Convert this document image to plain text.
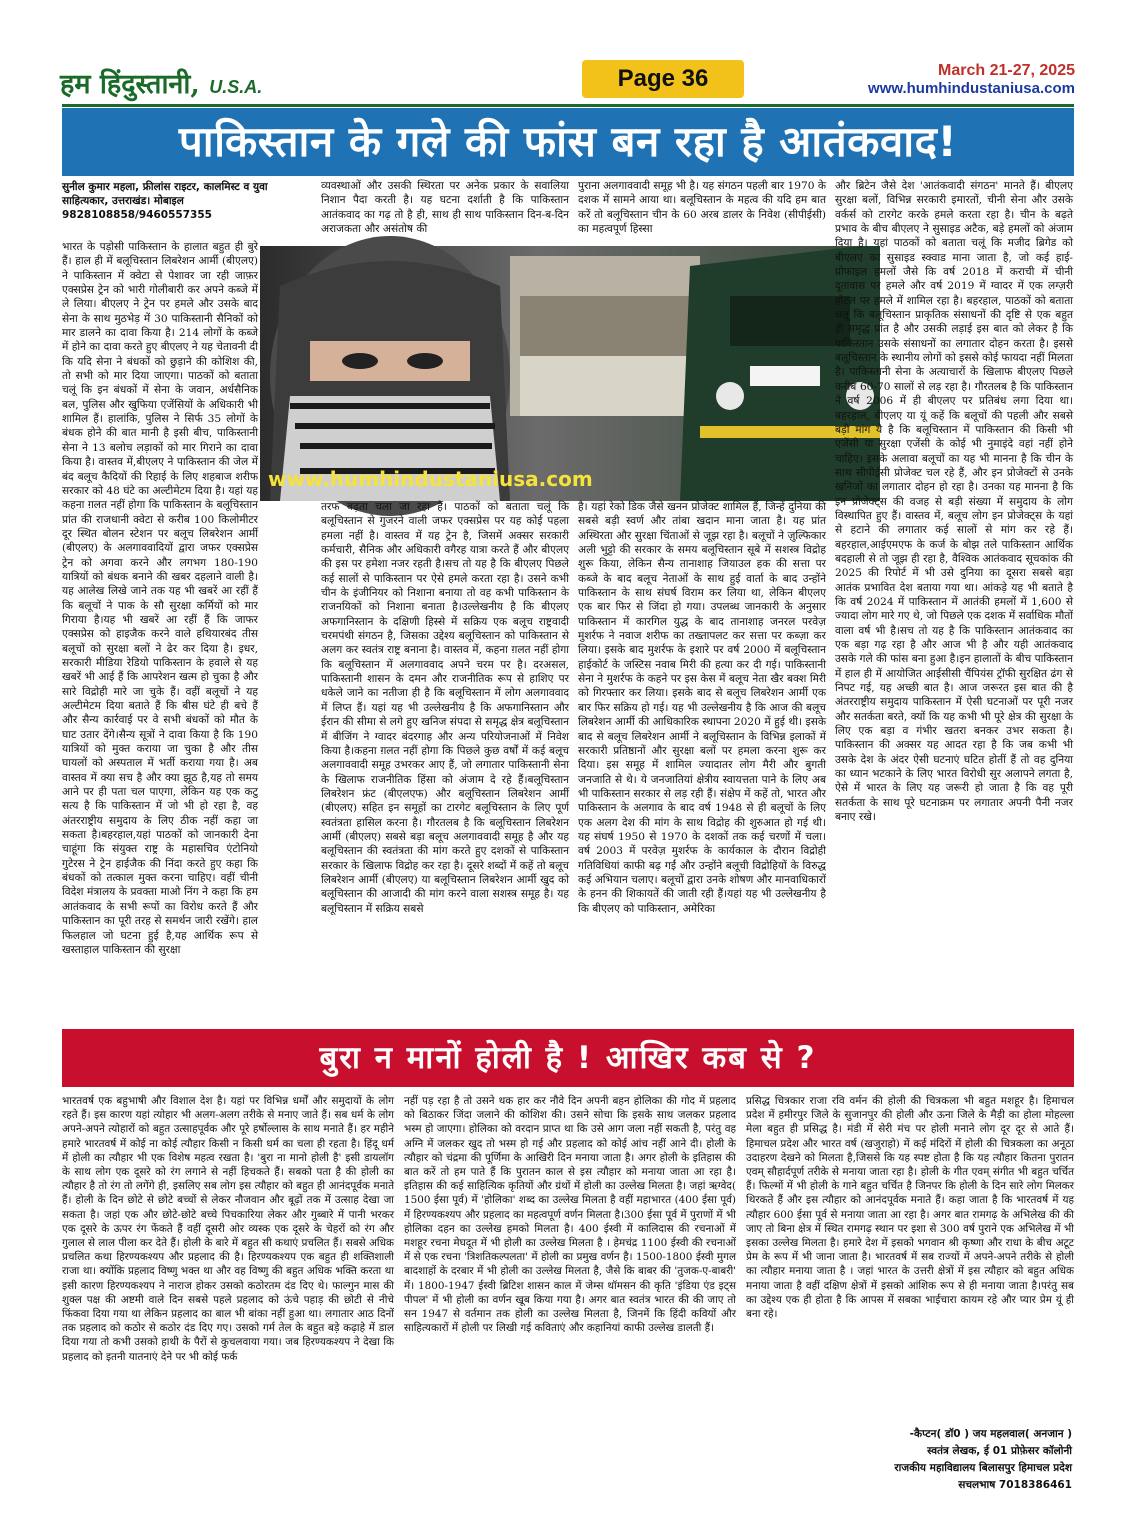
हम हिंदुस्तानी, U.S.A.	Page 36	March 21-27, 2025
www.humhindustaniusa.com
पाकिस्तान के गले की फांस बन रहा है आतंकवाद!
सुनील कुमार महला, फ्रीलांस राइटर, कालमिस्ट व युवा साहित्यकार, उत्तराखंड। मोबाइल 9828108858/9460557355

व्यवस्थाओं और उसकी स्थिरता पर अनेक प्रकार के सवालिया निशान पैदा करती है। यह घटना दर्शाती है कि पाकिस्तान आतंकवाद का गढ़ तो है ही, साथ ही साथ पाकिस्तान दिन-ब-दिन अराजकता और असंतोष की

पुराना अलगाववादी समूह भी है। यह संगठन पहली बार 1970 के दशक में सामने आया था। बलूचिस्तान के महत्व की यदि हम बात करें तो बलूचिस्तान चीन के 60 अरब डालर के निवेश (सीपीईसी) का महत्वपूर्ण हिस्सा

भारत के पड़ोसी पाकिस्तान के हालात बहुत ही बुरे हैं। हाल ही में बलूचिस्तान लिबरेशन आर्मी (बीएलए) ने पाकिस्तान में क्वेटा से पेशावर जा रही जाफ़र एक्सप्रेस ट्रेन को भारी गोलीबारी कर अपने कब्जे में ले लिया। बीएलए ने ट्रेन पर हमले और उसके बाद सेना के साथ मुठभेड़ में 30 पाकिस्तानी सैनिकों को मार डालने का दावा किया है। 214 लोगों के कब्जे में होने का दावा करते हुए बीएलए ने यह चेतावनी दी कि यदि सेना ने बंधकों को छुड़ाने की कोशिश की, तो सभी को मार दिया जाएगा। पाठकों को बताता चलूं कि इन बंधकों में सेना के जवान, अर्धसैनिक बल, पुलिस और खुफिया एजेंसियों के अधिकारी भी शामिल हैं। हालांकि, पुलिस ने सिर्फ 35 लोगों के बंधक होने की बात मानी है इसी बीच, पाकिस्तानी सेना ने 13 बलोच लड़ाकों को मार गिराने का दावा किया है। वास्तव में,बीएलए ने पाकिस्तान की जेल में बंद बलूच कैदियों की रिहाई के लिए शहबाज शरीफ सरकार को 48 घंटे का अल्टीमेटम दिया है। यहां यह कहना ग़लत नहीं होगा कि पाकिस्तान के बलूचिस्तान प्रांत की राजधानी क्वेटा से करीब 100 किलोमीटर दूर स्थित बोलन स्टेशन पर बलूच लिबरेशन आर्मी (बीएलए) के अलगाववादियों द्वारा जफर एक्सप्रेस ट्रेन को अगवा करने और लगभग 180-190 यात्रियों को बंधक बनाने की खबर दहलाने वाली है।यह आलेख लिखे जाने तक यह भी खबरें आ रहीं हैं कि बलूचों ने पाक के सौ सुरक्षा कर्मियों को मार गिराया है।यह भी खबरें आ रहीं हैं कि जाफर एक्सप्रेस को हाइजैक करने वाले हथियारबंद तीस बलूचों को सुरक्षा बलों ने ढेर कर दिया है। इधर, सरकारी मीडिया रेडियो पाकिस्तान के हवाले से यह खबरें भी आई हैं कि आपरेशन खत्म हो चुका है और सारे विद्रोही मारे जा चुके हैं। वहीं बलूचों ने यह अल्टीमेटम दिया बताते हैं कि बीस घंटे ही बचे हैं और सैन्य कार्रवाई पर वे सभी बंधकों को मौत के घाट उतार देंगे।सैन्य सूत्रों ने दावा किया है कि 190 यात्रियों को मुक्त कराया जा चुका है और तीस घायलों को अस्पताल में भर्ती कराया गया है। अब वास्तव में क्या सच है और क्या झूठ है,यह तो समय आने पर ही पता चल पाएगा, लेकिन यह एक कटु सत्य है कि पाकिस्तान में जो भी हो रहा है, वह अंतरराष्ट्रीय समुदाय के लिए ठीक नहीं कहा जा सकता है।बहरहाल,यहां पाठकों को जानकारी देना चाहूंगा कि संयुक्त राष्ट्र के महासचिव एंटोनियो गुटेरस ने ट्रेन हाईजैक की निंदा करते हुए कहा कि बंधकों को तत्काल मुक्त करना चाहिए। वहीं चीनी विदेश मंत्रालय के प्रवक्ता माओ निंग ने कहा कि हम आतंकवाद के सभी रूपों का विरोध करते हैं और पाकिस्तान का पूरी तरह से समर्थन जारी रखेंगे। हाल फिलहाल जो घटना हुई है,यह आर्थिक रूप से खस्ताहाल पाकिस्तान की सुरक्षा

www.humhindustaniusa.com

और ब्रिटेन जैसे देश 'आतंकवादी संगठन' मानते हैं। बीएलए सुरक्षा बलों, विभिन्न सरकारी इमारतों, चीनी सेना और उसके वर्कर्स को टारगेट करके हमले करता रहा है। चीन के बढ़ते प्रभाव के बीच बीएलए ने सुसाइड अटैक, बड़े हमलों को अंजाम दिया है। यहां पाठकों को बताता चलूं कि मजीद ब्रिगेड को बीएलए का सुसाइड स्क्वाड माना जाता है, जो कई हाई-प्रोफाइल हमलों जैसे कि वर्ष 2018 में कराची में चीनी दूतावास पर हमले और वर्ष 2019 में ग्वादर में एक लग्ज़री होटल पर हमले में शामिल रहा है। बहरहाल, पाठकों को बताता चलूं कि बलूचिस्तान प्राकृतिक संसाधनों की दृष्टि से एक बहुत ही समृद्ध प्रांत है और उसकी लड़ाई इस बात को लेकर है कि पाकिस्तान उसके संसाधनों का लगातार दोहन करता है। इससे बलूचिस्तान के स्थानीय लोगों को इससे कोई फायदा नहीं मिलता है। पाकिस्तानी सेना के अत्याचारों के खिलाफ बीएलए पिछले करीब 60-70 सालों से लड़ रहा है। गौरतलब है कि पाकिस्तान ने वर्ष 2006 में ही बीएलए पर प्रतिबंध लगा दिया था। बहरहाल, बीएलए या यूं कहें कि बलूचों की पहली और सबसे बड़ी मांग ये है कि बलूचिस्तान में पाकिस्तान की किसी भी एजेंसी या सुरक्षा एजेंसी के कोई भी नुमाइंदे वहां नहीं होने चाहिए। इसके अलावा बलूचों का यह भी मानना है कि चीन के साथ सीपीईसी प्रोजेक्ट चल रहे हैं, और इन प्रोजेक्टों से उनके खनिजों का लगातार दोहन हो रहा है। उनका यह मानना है कि इन प्रोजेक्ट्स की वजह से बड़ी संख्या में समुदाय के लोग विस्थापित हुए हैं। वास्तव में, बलूच लोग इन प्रोजेक्ट्स के यहां से हटाने की लगातार कई सालों से मांग कर रहे हैं। बहरहाल,आईएमएफ के कर्ज के बोझ तले पाकिस्तान आर्थिक बदहाली से तो जूझ ही रहा है, वैश्विक आतंकवाद सूचकांक की 2025 की रिपोर्ट में भी उसे दुनिया का दूसरा सबसे बड़ा आतंक प्रभावित देश बताया गया था। आंकड़े यह भी बताते है कि वर्ष 2024 में पाकिस्तान में आतंकी हमलों में 1,600 से ज्यादा लोग मारे गए थे, जो पिछले एक दशक में सर्वाधिक मौतों वाला वर्ष भी है।सच तो यह है कि पाकिस्तान आतंकवाद का एक बड़ा गढ़ रहा है और आज भी है और यही आतंकवाद उसके गले की फांस बना हुआ है।इन हालातों के बीच पाकिस्तान में हाल ही में आयोजित आईसीसी चैंपियंस ट्रॉफी सुरक्षित ढंग से निपट गई, यह अच्छी बात है। आज जरूरत इस बात की है अंतरराष्ट्रीय समुदाय पाकिस्तान में ऐसी घटनाओं पर पूरी नजर और सतर्कता बरते, क्यों कि यह कभी भी पूरे क्षेत्र की सुरक्षा के लिए एक बड़ा व गंभीर खतरा बनकर उभर सकता है। पाकिस्तान की अक्सर यह आदत रहा है कि जब कभी भी उसके देश के अंदर ऐसी घटनाएं घटित होतीं हैं तो वह दुनिया का ध्यान भटकाने के लिए भारत विरोधी सुर अलापने लगता है, ऐसे में भारत के लिए यह जरूरी हो जाता है कि वह पूरी सतर्कता के साथ पूरे घटनाक्रम पर लगातार अपनी पैनी नजर बनाए रखे।

तरफ बढ़ता चला जा रहा है। पाठकों को बताता चलूं कि बलूचिस्तान से गुजरने वाली जफर एक्सप्रेस पर यह कोई पहला हमला नहीं है। वास्तव में यह ट्रेन है, जिसमें अक्सर सरकारी कर्मचारी, सैनिक और अधिकारी वगैरह यात्रा करते हैं और बीएलए की इस पर हमेशा नजर रहती है।सच तो यह है कि बीएलए पिछले कई सालों से पाकिस्तान पर ऐसे हमले करता रहा है। उसने कभी चीन के इंजीनियर को निशाना बनाया तो वह कभी पाकिस्तान के राजनयिकों को निशाना बनाता है।उल्लेखनीय है कि बीएलए अफगानिस्तान के दक्षिणी हिस्से में सक्रिय एक बलूच राष्ट्रवादी चरमपंथी संगठन है, जिसका उद्देश्य बलूचिस्तान को पाकिस्तान से अलग कर स्वतंत्र राष्ट्र बनाना है। वास्तव में, कहना ग़लत नहीं होगा कि बलूचिस्तान में अलगाववाद अपने चरम पर है। दरअसल, पाकिस्तानी शासन के दमन और राजनीतिक रूप से हाशिए पर धकेले जाने का नतीजा ही है कि बलूचिस्तान में लोग अलगाववाद में लिप्त हैं। यहां यह भी उल्लेखनीय है कि अफगानिस्तान और ईरान की सीमा से लगे हुए खनिज संपदा से समृद्ध क्षेत्र बलूचिस्तान में बीजिंग ने ग्वादर बंदरगाह और अन्य परियोजनाओं में निवेश किया है।कहना ग़लत नहीं होगा कि पिछले कुछ वर्षों में कई बलूच अलगाववादी समूह उभरकर आए हैं, जो लगातार पाकिस्तानी सेना के खिलाफ राजनीतिक हिंसा को अंजाम दे रहे हैं।बलूचिस्तान लिबरेशन फ्रंट (बीएलएफ) और बलूचिस्तान लिबरेशन आर्मी (बीएलए) सहित इन समूहों का टारगेट बलूचिस्तान के लिए पूर्ण स्वतंत्रता हासिल करना है। गौरतलब है कि बलूचिस्तान लिबरेशन आर्मी (बीएलए) सबसे बड़ा बलूच अलगाववादी समूह है और यह बलूचिस्तान की स्वतंत्रता की मांग करते हुए दशकों से पाकिस्तान सरकार के खिलाफ विद्रोह कर रहा है। दूसरे शब्दों में कहें तो बलूच लिबरेशन आर्मी (बीएलए) या बलूचिस्तान लिबरेशन आर्मी खुद को बलूचिस्तान की आजादी की मांग करने वाला सशस्त्र समूह है। यह बलूचिस्तान में सक्रिय सबसे

है। यहां रेको डिक जैसे खनन प्रोजेक्ट शामिल हैं, जिन्हें दुनिया की सबसे बड़ी स्वर्ण और तांबा खदान माना जाता है। यह प्रांत अस्थिरता और सुरक्षा चिंताओं से जूझ रहा है। बलूचों ने ज़ुल्फिकार अली भुट्टो की सरकार के समय बलूचिस्तान सूबे में सशस्त्र विद्रोह शुरू किया, लेकिन सैन्य तानाशाह जियाउल हक की सत्ता पर कब्जे के बाद बलूच नेताओं के साथ हुई वार्ता के बाद उन्होंने पाकिस्तान के साथ संघर्ष विराम कर लिया था, लेकिन बीएलए एक बार फिर से जिंदा हो गया। उपलब्ध जानकारी के अनुसार पाकिस्तान में कारगिल युद्ध के बाद तानाशाह जनरल परवेज़ मुशर्रफ ने नवाज शरीफ का तख्तापलट कर सत्ता पर कब्ज़ा कर लिया। इसके बाद मुशर्रफ के इशारे पर वर्ष 2000 में बलूचिस्तान हाईकोर्ट के जस्टिस नवाब मिरी की हत्या कर दी गई। पाकिस्तानी सेना ने मुशर्रफ के कहने पर इस केस में बलूच नेता खैर बक्श मिरी को गिरफ्तार कर लिया। इसके बाद से बलूच लिबरेशन आर्मी एक बार फिर सक्रिय हो गई। यह भी उल्लेखनीय है कि आज की बलूच लिबरेशन आर्मी की आधिकारिक स्थापना 2020 में हुई थी। इसके बाद से बलूच लिबरेशन आर्मी ने बलूचिस्तान के विभिन्न इलाकों में सरकारी प्रतिष्ठानों और सुरक्षा बलों पर हमला करना शुरू कर दिया। इस समूह में शामिल ज्यादातर लोग मैरी और बुगती जनजाति से थे। ये जनजातियां क्षेत्रीय स्वायत्तता पाने के लिए अब भी पाकिस्तान सरकार से लड़ रही हैं। संक्षेप में कहें तो, भारत और पाकिस्तान के अलगाव के बाद वर्ष 1948 से ही बलूचों के लिए एक अलग देश की मांग के साथ विद्रोह की शुरुआत हो गई थी। यह संघर्ष 1950 से 1970 के दशकों तक कई चरणों में चला। वर्ष 2003 में परवेज़ मुशर्रफ के कार्यकाल के दौरान विद्रोही गतिविधियां काफी बढ़ गईं और उन्होंने बलूची विद्रोहियों के विरुद्ध कई अभियान चलाए। बलूचों द्वारा उनके शोषण और मानवाधिकारों के हनन की शिकायतें की जाती रही हैं।यहां यह भी उल्लेखनीय है कि बीएलए को पाकिस्तान, अमेरिका

बुरा न मानों होली है ! आखिर कब से ?

भारतवर्ष एक बहुभाषी और विशाल देश है। यहां पर विभिन्न धर्मों और समुदायों के लोग रहते हैं। इस कारण यहां त्योहार भी अलग-अलग तरीके से मनाए जाते हैं। सब धर्म के लोग अपने-अपने त्योहारों को बहुत उत्साहपूर्वक और पूरे हर्षोल्लास के साथ मनाते हैं। हर महीने हमारे भारतवर्ष में कोई ना कोई त्यौहार किसी न किसी धर्म का चला ही रहता है। हिंदू धर्म में होली का त्यौहार भी एक विशेष महत्व रखता है। 'बुरा ना मानो होली है' इसी डायलॉग के साथ लोग एक दूसरे को रंग लगाने से नहीं हिचकते हैं। सबको पता है की होली का त्यौहार है तो रंग तो लगेंगे ही, इसलिए सब लोग इस त्यौहार को बहुत ही आनंदपूर्वक मनाते हैं। होली के दिन छोटे से छोटे बच्चों से लेकर नौजवान और बूढ़ों तक में उत्साह देखा जा सकता है। जहां एक और छोटे-छोटे बच्चे पिचकारिया लेकर और गुब्बारे में पानी भरकर एक दूसरे के ऊपर रंग फेंकते हैं वहीं दूसरी ओर व्यस्क एक दूसरे के चेहरों को रंग और गुलाल से लाल पीला कर देते हैं। होली के बारे में बहुत सी कथाएं प्रचलित हैं। सबसे अधिक प्रचलित कथा हिरण्यकश्यप और प्रहलाद की है। हिरण्यकश्यप एक बहुत ही शक्तिशाली राजा था। क्योंकि प्रहलाद विष्णु भक्त था और वह विष्णु की बहुत अधिक भक्ति करता था इसी कारण हिरण्यकश्यप ने नाराज होकर उसको कठोरतम दंड दिए थे। फाल्गुन मास की शुक्ल पक्ष की अष्टमी वाले दिन सबसे पहले प्रहलाद को ऊंचे पहाड़ की छोटी से नीचे फिंकवा दिया गया था लेकिन प्रहलाद का बाल भी बांका नहीं हुआ था। लगातार आठ दिनों तक प्रहलाद को कठोर से कठोर दंड दिए गए। उसको गर्म तेल के बहुत बड़े कढ़ाहे में डाल दिया गया तो कभी उसको हाथी के पैरों से कुचलवाया गया। जब हिरण्यकश्यप ने देखा कि प्रहलाद को इतनी यातनाएं देने पर भी कोई फर्क

नहीं पड़ रहा है तो उसने थक हार कर नौवे दिन अपनी बहन होलिका की गोद में प्रहलाद को बिठाकर जिंदा जलाने की कोशिश की। उसने सोचा कि इसके साथ जलकर प्रहलाद भस्म हो जाएगा। होलिका को वरदान प्राप्त था कि उसे आग जला नहीं सकती है, परंतु वह अग्नि में जलकर खुद तो भस्म हो गई और प्रहलाद को कोई आंच नहीं आने दी। होली के त्यौहार को चंद्रमा की पूर्णिमा के आखिरी दिन मनाया जाता है। अगर होली के इतिहास की बात करें तो हम पाते हैं कि पुरातन काल से इस त्यौहार को मनाया जाता आ रहा है। इतिहास की कई साहित्यिक कृतियों और ग्रंथों में होली का उल्लेख मिलता है। जहां ऋग्वेद( 1500 ईसा पूर्व) में 'होलिका' शब्द का उल्लेख मिलता है वहीं महाभारत (400 ईसा पूर्व) में हिरण्यकश्यप और प्रहलाद का महत्वपूर्ण वर्णन मिलता है।300 ईसा पूर्व में पुराणों में भी होलिका दहन का उल्लेख हमको मिलता है। 400 ईस्वी में कालिदास की रचनाओं में मशहूर रचना मेघदूत में भी होली का उल्लेख मिलता है । हेमचंद्र 1100 ईस्वी की रचनाओं में से एक रचना 'त्रिशतिकल्पलता' में होली का प्रमुख वर्णन है। 1500-1800 ईस्वी मुगल बादशाहों के दरबार में भी होली का उल्लेख मिलता है, जैसे कि बाबर की 'तुजक-ए-बाबरी' में। 1800-1947 ईस्वी ब्रिटिश शासन काल में जेम्स थॉमसन की कृति 'इंडिया एंड इट्स पीपल' में भी होली का वर्णन खूब किया गया है। अगर बात स्वतंत्र भारत की की जाए तो सन 1947 से वर्तमान तक होली का उल्लेख मिलता है, जिनमें कि हिंदी कवियों और साहित्यकारों में होली पर लिखी गई कविताएं और कहानियां काफी उल्लेख डालती हैं।

प्रसिद्ध चित्रकार राजा रवि वर्मन की होली की चित्रकला भी बहुत मशहूर है। हिमाचल प्रदेश में हमीरपुर जिले के सुजानपुर की होली और ऊना जिले के मैड़ी का होला मोहल्ला मेला बहुत ही प्रसिद्ध है। मंडी में सेरी मंच पर होली मनाने लोग दूर दूर से आते हैं। हिमाचल प्रदेश और भारत वर्ष (खजुराहो) में कई मंदिरों में होली की चित्रकला का अनूठा उदाहरण देखने को मिलता है,जिससे कि यह स्पष्ट होता है कि यह त्यौहार कितना पुरातन एवम् सौहार्दपूर्ण तरीके से मनाया जाता रहा है। होली के गीत एवम् संगीत भी बहुत चर्चित हैं। फिल्मों में भी होली के गाने बहुत चर्चित है जिनपर कि होली के दिन सारे लोग मिलकर थिरकते हैं और इस त्यौहार को आनंदपूर्वक मनाते हैं। कहा जाता है कि भारतवर्ष में यह त्यौहार 600 ईसा पूर्व से मनाया जाता आ रहा है। अगर बात रामगढ़ के अभिलेख की की जाए तो बिना क्षेत्र में स्थित रामगढ़ स्थान पर इशा से 300 वर्ष पुराने एक अभिलेख में भी इसका उल्लेख मिलता है। हमारे देश में इसको भगवान श्री कृष्णा और राधा के बीच अटूट प्रेम के रूप में भी जाना जाता है। भारतवर्ष में सब राज्यों में अपने-अपने तरीके से होली का त्यौहार मनाया जाता है । जहां भारत के उत्तरी क्षेत्रों में इस त्यौहार को बहुत अधिक मनाया जाता है वहीं दक्षिण क्षेत्रों में इसको आंशिक रूप से ही मनाया जाता है।परंतु सब का उद्देश्य एक ही होता है कि आपस में सबका भाईचारा कायम रहे और प्यार प्रेम यूं ही बना रहे।

-कैप्टन( डॉ0 ) जय महलवाल( अनजान )
स्वतंत्र लेखक, ई 01 प्रोफ़ेसर कॉलोनी
राजकीय महाविद्यालय बिलासपुर हिमाचल प्रदेश
सचलभाष 7018386461
